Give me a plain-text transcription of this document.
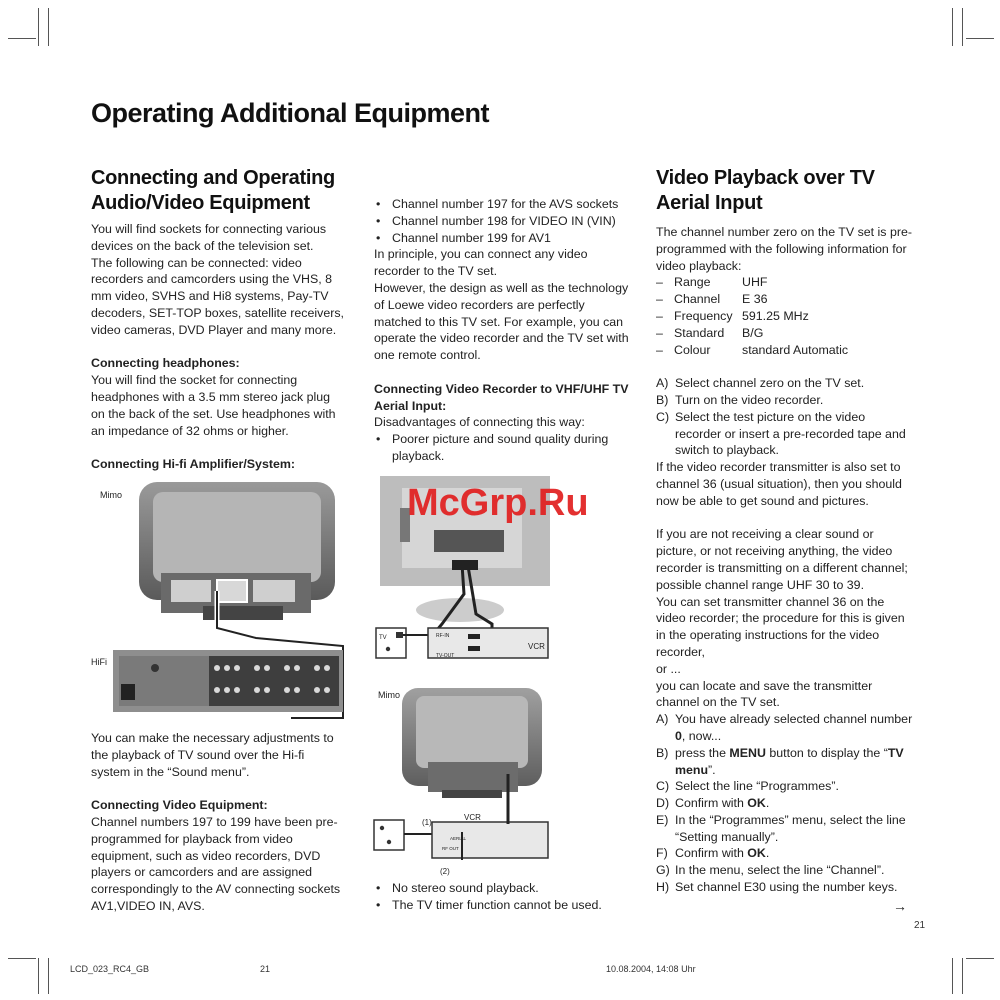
Operating Additional Equipment
Connecting and Operating Audio/Video Equipment

You will find sockets for connecting various devices on the back of the television set.

The following can be connected: video recorders and camcorders using the VHS, 8 mm video, SVHS and Hi8 systems, Pay-TV decoders, SET-TOP boxes, satellite receivers, video cameras, DVD Player and many more.

Connecting headphones:

You will find the socket for connecting headphones with a 3.5 mm stereo jack plug on the back of the set. Use headphones with an impedance of 32 ohms or higher.

Connecting Hi-fi Amplifier/System:

Mimo
HiFi

You can make the necessary adjustments to the playback of TV sound over the Hi-fi system in the “Sound menu”.

Connecting Video Equipment:

Channel numbers 197 to 199 have been pre-programmed for playback from video equipment, such as video recorders, DVD players or camcorders and are assigned correspondingly to the AV connecting sockets AV1,VIDEO IN, AVS.

• Channel number 197 for the AVS sockets
• Channel number 198 for VIDEO IN (VIN)
• Channel number 199 for AV1

In principle, you can connect any video recorder to the TV set.

However, the design as well as the technology of Loewe video recorders are perfectly matched to this TV set. For example, you can operate the video recorder and the TV set with one remote control.

Connecting Video Recorder to VHF/UHF TV Aerial Input:

Disadvantages of connecting this way:

• Poorer picture and sound quality during playback.
TV	RF-IN
TV-OUT
VCR
Mimo
(1)
VCR
AERIAL
RF OUT
(2)
• No stereo sound playback.
• The TV timer function cannot be used.
Video Playback over TV Aerial Input

The channel number zero on the TV set is pre-programmed with the following information for video playback:

–	Range	UHF
–	Channel	E 36
–	Frequency	591.25 MHz
–	Standard	B/G
–	Colour	standard Automatic
A) Select channel zero on the TV set.
B) Turn on the video recorder.
C) Select the test picture on the video recorder or insert a pre-recorded tape and switch to playback.

If the video recorder transmitter is also set to channel 36 (usual situation), then you should now be able to get sound and pictures.

If you are not receiving a clear sound or picture, or not receiving anything, the video recorder is transmitting on a different channel; possible channel range UHF 30 to 39.

You can set transmitter channel 36 on the video recorder; the procedure for this is given in the operating instructions for the video recorder,

or ...

you can locate and save the transmitter channel on the TV set.

A) You have already selected channel number 0, now...
B) press the MENU button to display the “TV menu”.
C) Select the line “Programmes”.
D) Confirm with OK.
E) In the “Programmes” menu, select the line “Setting manually”.
F) Confirm with OK.
G) In the menu, select the line “Channel”.
H) Set channel E30 using the number keys.
→
21
McGrp.Ru
LCD_023_RC4_GB	21	10.08.2004, 14:08 Uhr
